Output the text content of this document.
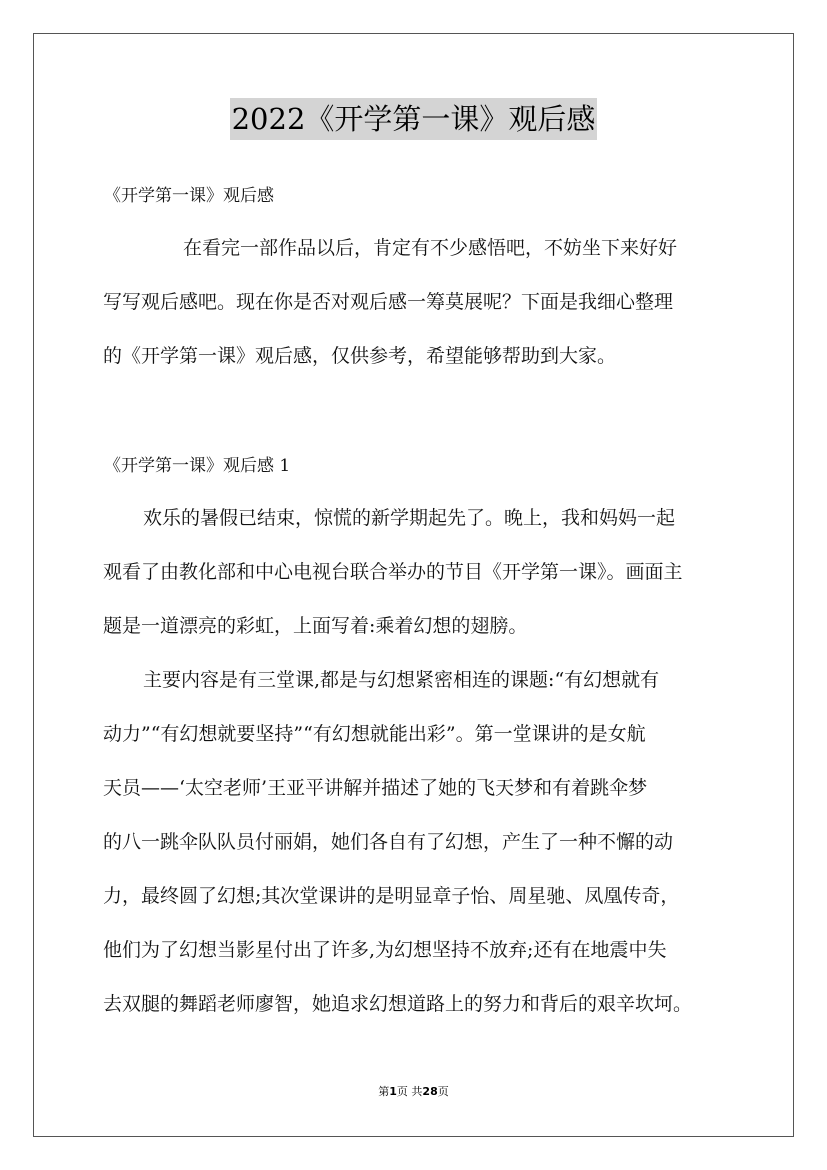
2022《开学第一课》观后感

《开学第一课》观后感

在看完一部作品以后，肯定有不少感悟吧，不妨坐下来好好
写写观后感吧。现在你是否对观后感一筹莫展呢？下面是我细心整理
的《开学第一课》观后感，仅供参考，希望能够帮助到大家。

《开学第一课》观后感 1

欢乐的暑假已结束，惊慌的新学期起先了。晚上，我和妈妈一起
观看了由教化部和中心电视台联合举办的节目《开学第一课》。画面主
题是一道漂亮的彩虹，上面写着:乘着幻想的翅膀。

主要内容是有三堂课,都是与幻想紧密相连的课题:“有幻想就有
动力”“有幻想就要坚持”“有幻想就能出彩”。第一堂课讲的是女航
天员——‘太空老师’王亚平讲解并描述了她的飞天梦和有着跳伞梦
的八一跳伞队队员付丽娟，她们各自有了幻想，产生了一种不懈的动
力，最终圆了幻想;其次堂课讲的是明显章子怡、周星驰、凤凰传奇，
他们为了幻想当影星付出了许多,为幻想坚持不放弃;还有在地震中失
去双腿的舞蹈老师廖智，她追求幻想道路上的努力和背后的艰辛坎坷。

第1页 共28页
